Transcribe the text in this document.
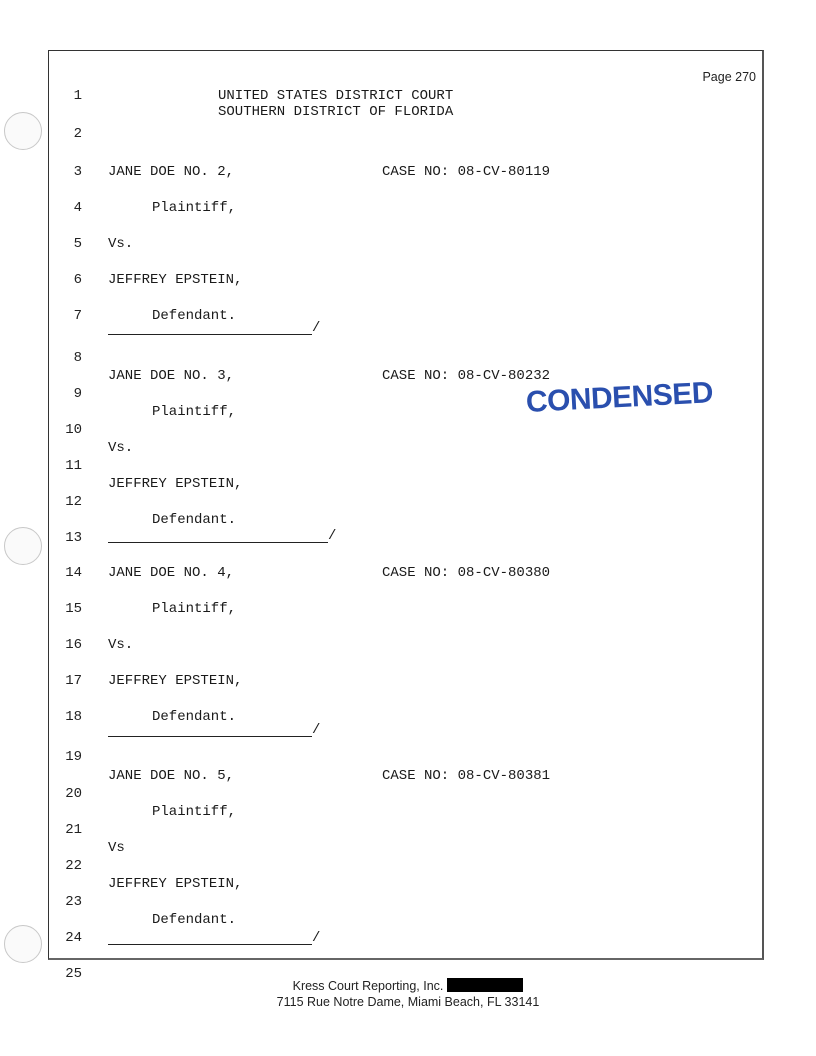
Page 270
1
2
3
4
5
6
7
8
9
10
11
12
13
14
15
16
17
18
19
20
21
22
23
24
25
UNITED STATES DISTRICT COURT
SOUTHERN DISTRICT OF FLORIDA
JANE DOE NO. 2,	CASE NO: 08-CV-80119
Plaintiff,
Vs.
JEFFREY EPSTEIN,
Defendant.
/
JANE DOE NO. 3,	CASE NO: 08-CV-80232
Plaintiff,
Vs.
JEFFREY EPSTEIN,
Defendant.
/
JANE DOE NO. 4,	CASE NO: 08-CV-80380
Plaintiff,
Vs.
JEFFREY EPSTEIN,
Defendant.
/
JANE DOE NO. 5,	CASE NO: 08-CV-80381
Plaintiff,
Vs
JEFFREY EPSTEIN,
Defendant.
/
CONDENSED
Kress Court Reporting, Inc.
7115 Rue Notre Dame, Miami Beach, FL 33141
